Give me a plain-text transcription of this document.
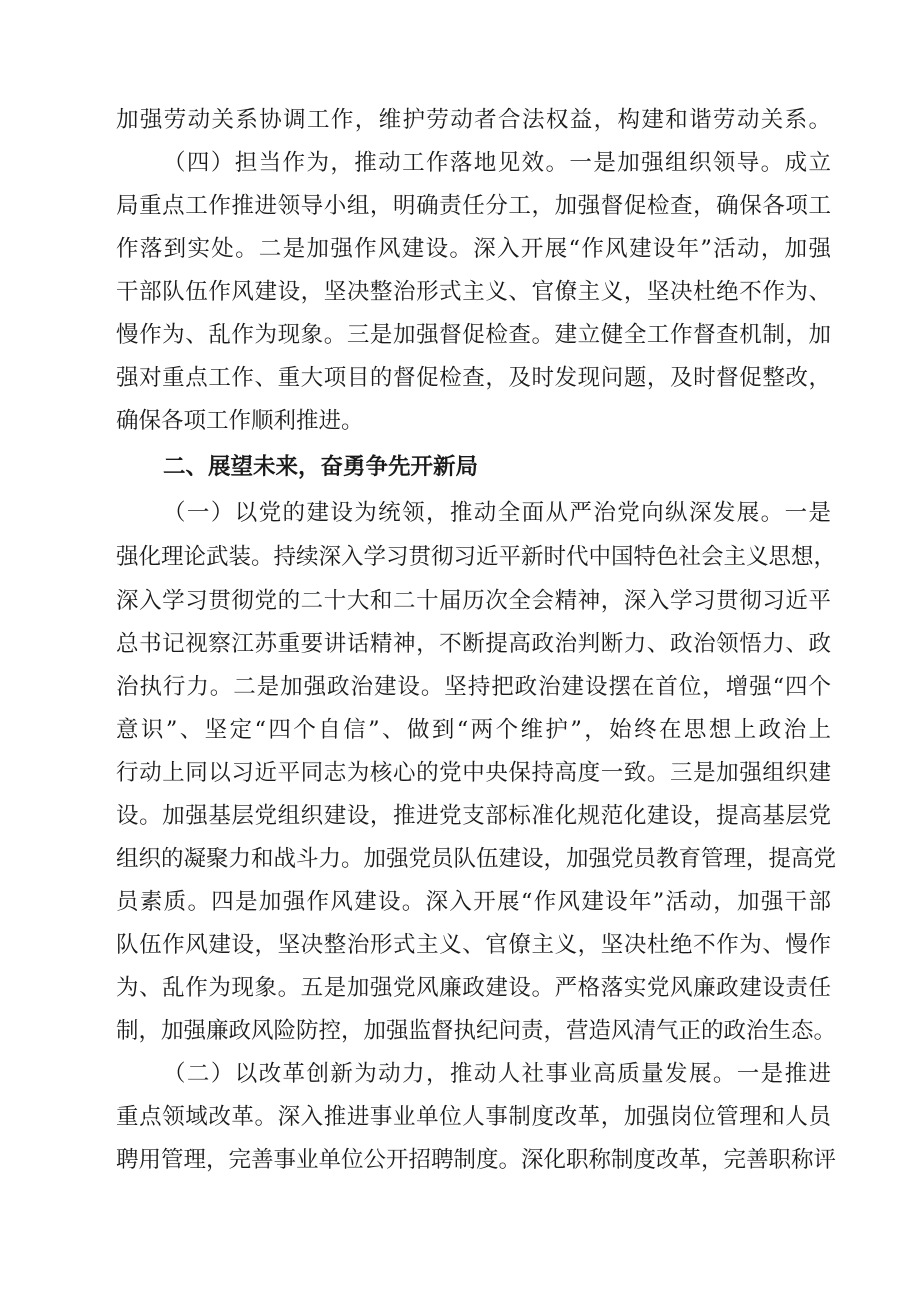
加强劳动关系协调工作，维护劳动者合法权益，构建和谐劳动关系。
（四）担当作为，推动工作落地见效。一是加强组织领导。成立
局重点工作推进领导小组，明确责任分工，加强督促检查，确保各项工
作落到实处。二是加强作风建设。深入开展“作风建设年”活动，加强
干部队伍作风建设，坚决整治形式主义、官僚主义，坚决杜绝不作为、
慢作为、乱作为现象。三是加强督促检查。建立健全工作督查机制，加
强对重点工作、重大项目的督促检查，及时发现问题，及时督促整改，
确保各项工作顺利推进。
二、展望未来，奋勇争先开新局
（一）以党的建设为统领，推动全面从严治党向纵深发展。一是
强化理论武装。持续深入学习贯彻习近平新时代中国特色社会主义思想，
深入学习贯彻党的二十大和二十届历次全会精神，深入学习贯彻习近平
总书记视察江苏重要讲话精神，不断提高政治判断力、政治领悟力、政
治执行力。二是加强政治建设。坚持把政治建设摆在首位，增强“四个
意识”、坚定“四个自信”、做到“两个维护”，始终在思想上政治上
行动上同以习近平同志为核心的党中央保持高度一致。三是加强组织建
设。加强基层党组织建设，推进党支部标准化规范化建设，提高基层党
组织的凝聚力和战斗力。加强党员队伍建设，加强党员教育管理，提高党
员素质。四是加强作风建设。深入开展“作风建设年”活动，加强干部
队伍作风建设，坚决整治形式主义、官僚主义，坚决杜绝不作为、慢作
为、乱作为现象。五是加强党风廉政建设。严格落实党风廉政建设责任
制，加强廉政风险防控，加强监督执纪问责，营造风清气正的政治生态。
（二）以改革创新为动力，推动人社事业高质量发展。一是推进
重点领域改革。深入推进事业单位人事制度改革，加强岗位管理和人员
聘用管理，完善事业单位公开招聘制度。深化职称制度改革，完善职称评
